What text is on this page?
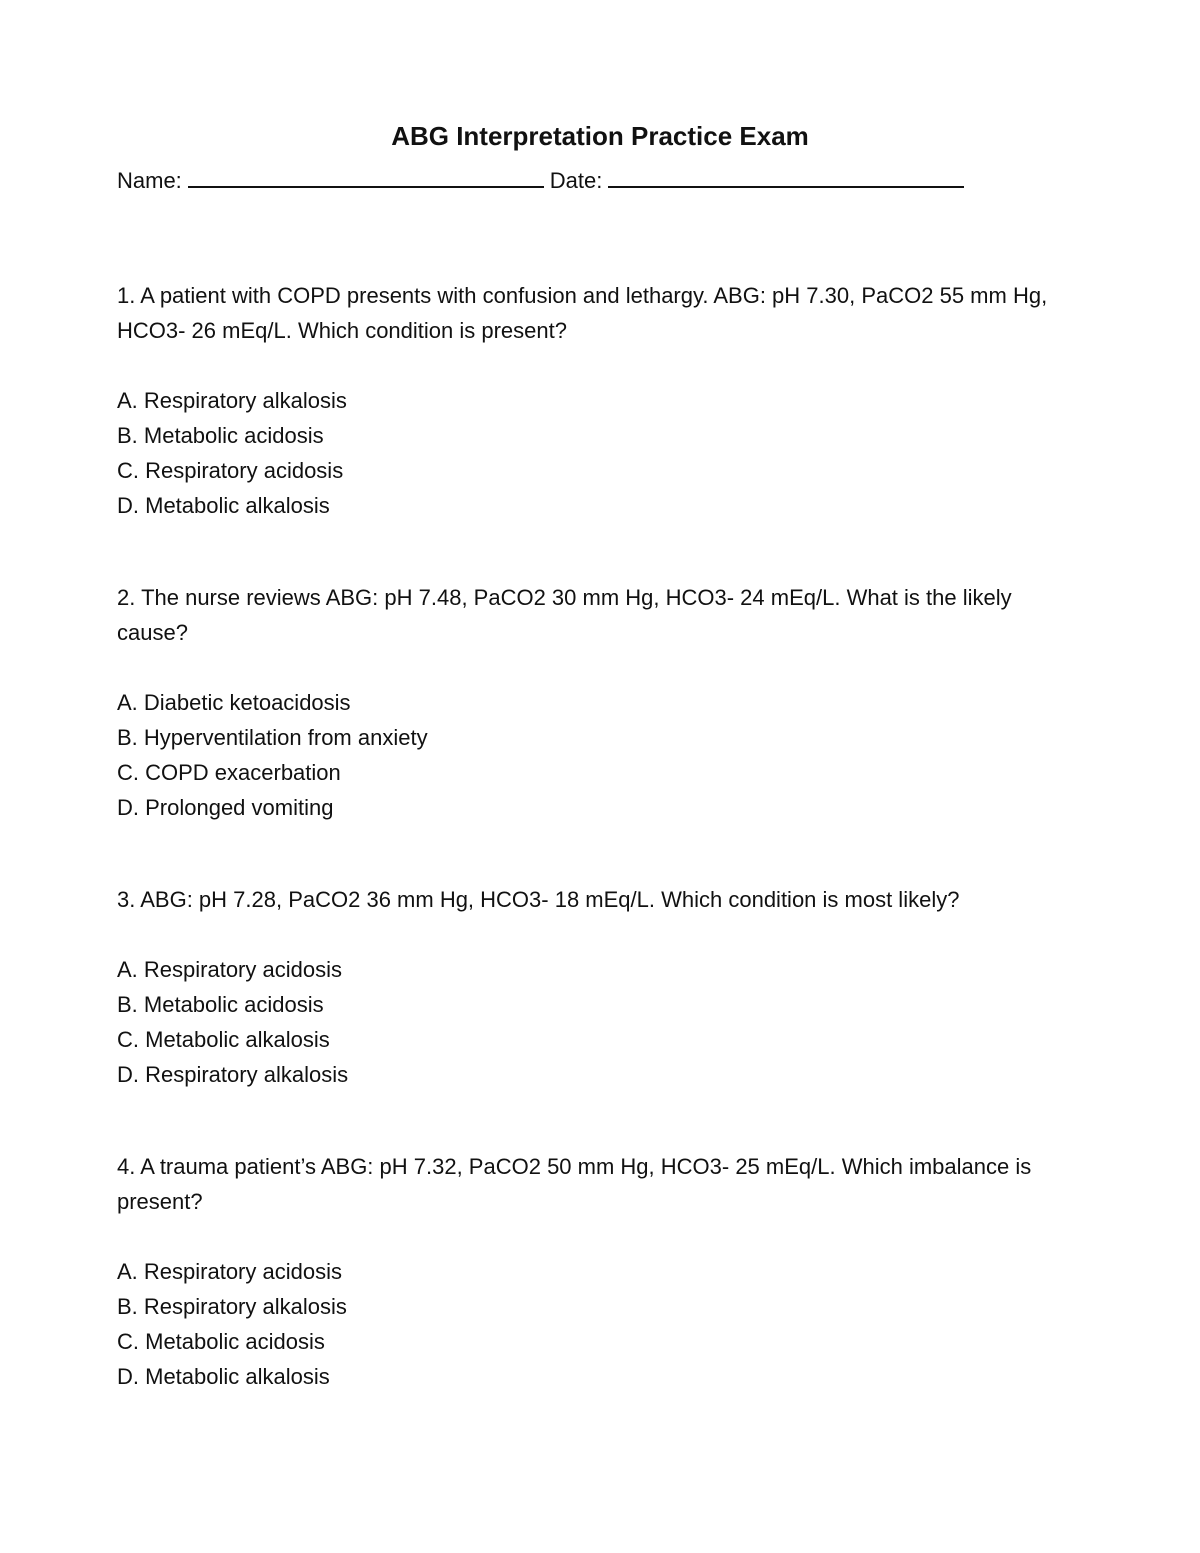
ABG Interpretation Practice Exam
Name:	Date:

1. A patient with COPD presents with confusion and lethargy. ABG: pH 7.30, PaCO2 55 mm Hg, HCO3- 26 mEq/L. Which condition is present?

A. Respiratory alkalosis
B. Metabolic acidosis
C. Respiratory acidosis
D. Metabolic alkalosis

2. The nurse reviews ABG: pH 7.48, PaCO2 30 mm Hg, HCO3- 24 mEq/L. What is the likely cause?

A. Diabetic ketoacidosis
B. Hyperventilation from anxiety
C. COPD exacerbation
D. Prolonged vomiting

3. ABG: pH 7.28, PaCO2 36 mm Hg, HCO3- 18 mEq/L. Which condition is most likely?

A. Respiratory acidosis
B. Metabolic acidosis
C. Metabolic alkalosis
D. Respiratory alkalosis

4. A trauma patient’s ABG: pH 7.32, PaCO2 50 mm Hg, HCO3- 25 mEq/L. Which imbalance is present?

A. Respiratory acidosis
B. Respiratory alkalosis
C. Metabolic acidosis
D. Metabolic alkalosis
